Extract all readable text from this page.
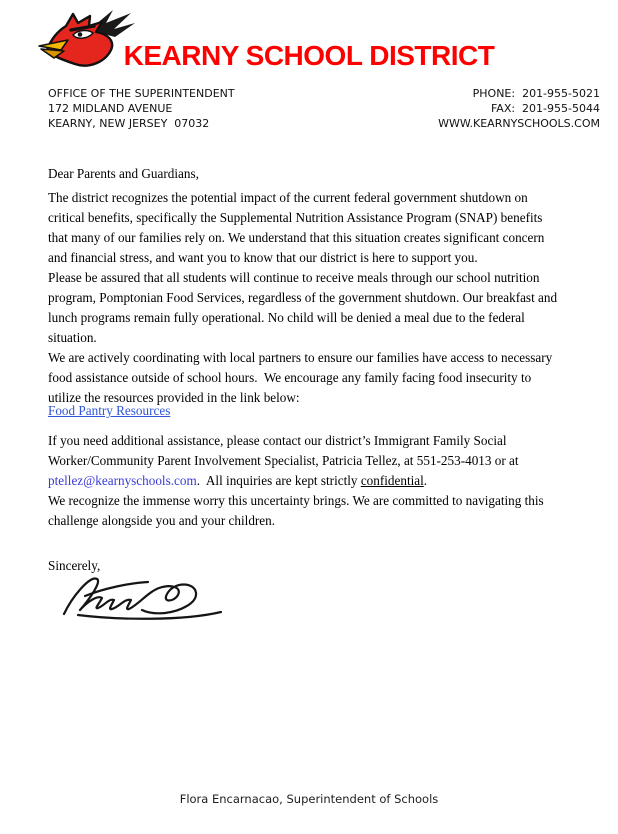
KEARNY SCHOOL DISTRICT
OFFICE OF THE SUPERINTENDENT
172 MIDLAND AVENUE
KEARNY, NEW JERSEY  07032
PHONE:  201-955-5021
FAX:  201-955-5044
WWW.KEARNYSCHOOLS.COM
Dear Parents and Guardians,
The district recognizes the potential impact of the current federal government shutdown on
critical benefits, specifically the Supplemental Nutrition Assistance Program (SNAP) benefits
that many of our families rely on. We understand that this situation creates significant concern
and financial stress, and want you to know that our district is here to support you.
Please be assured that all students will continue to receive meals through our school nutrition
program, Pomptonian Food Services, regardless of the government shutdown. Our breakfast and
lunch programs remain fully operational. No child will be denied a meal due to the federal
situation.
We are actively coordinating with local partners to ensure our families have access to necessary
food assistance outside of school hours.  We encourage any family facing food insecurity to
utilize the resources provided in the link below:
Food Pantry Resources
If you need additional assistance, please contact our district’s Immigrant Family Social
Worker/Community Parent Involvement Specialist, Patricia Tellez, at 551-253-4013 or at
ptellez@kearnyschools.com.  All inquiries are kept strictly confidential.
We recognize the immense worry this uncertainty brings. We are committed to navigating this
challenge alongside you and your children.
Sincerely,
Flora Encarnacao, Superintendent of Schools
